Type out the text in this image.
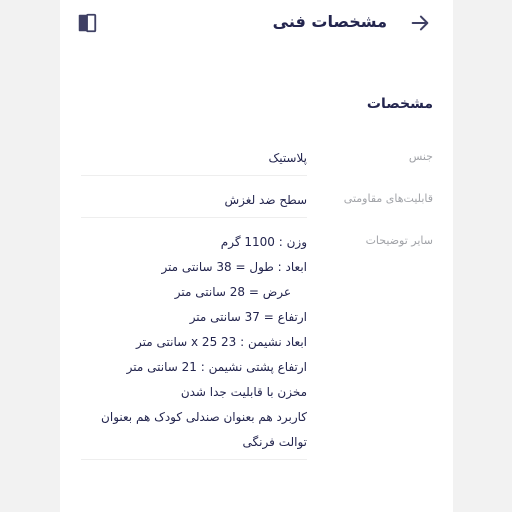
مشخصات فنی
مشخصات
جنس
پلاستیک
قابلیت‌های مقاومتی
سطح ضد لغزش
سایر توضیحات
وزن : 1100 گرم
ابعاد : طول = 38 سانتی متر
عرض = 28 سانتی متر
ارتفاع = 37 سانتی متر
ابعاد نشیمن : 23 x 25 سانتی متر
ارتفاع پشتی نشیمن : 21 سانتی متر
مخزن با قابلیت جدا شدن
کاربرد هم بعنوان صندلی کودک هم بعنوان
توالت فرنگی
